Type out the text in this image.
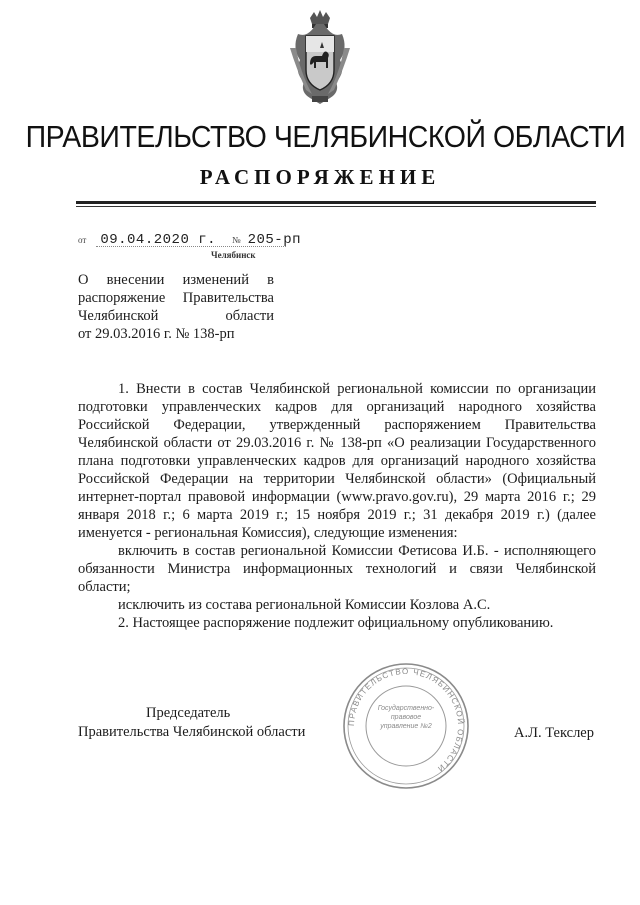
ПРАВИТЕЛЬСТВО ЧЕЛЯБИНСКОЙ ОБЛАСТИ
РАСПОРЯЖЕНИЕ
от 09.04.2020 г. № 205-рп
Челябинск
О внесении изменений в
распоряжение Правительства
Челябинской области
от 29.03.2016 г. № 138-рп

1. Внести в состав Челябинской региональной комиссии по организации подготовки управленческих кадров для организаций народного хозяйства Российской Федерации, утвержденный распоряжением Правительства Челябинской области от 29.03.2016 г. № 138-рп «О реализации Государственного плана подготовки управленческих кадров для организаций народного хозяйства Российской Федерации на территории Челябинской области» (Официальный интернет-портал правовой информации (www.pravo.gov.ru), 29 марта 2016 г.; 29 января 2018 г.; 6 марта 2019 г.; 15 ноября 2019 г.; 31 декабря 2019 г.) (далее именуется - региональная Комиссия), следующие изменения:

включить в состав региональной Комиссии Фетисова И.Б. - исполняющего обязанности Министра информационных технологий и связи Челябинской области;

исключить из состава региональной Комиссии Козлова А.С.

2. Настоящее распоряжение подлежит официальному опубликованию.

Председатель
Правительства Челябинской области
ПРАВИТЕЛЬСТВО ЧЕЛЯБИНСКОЙ ОБЛАСТИ
Государственно-правовое управление №2	А.Л. Текслер
